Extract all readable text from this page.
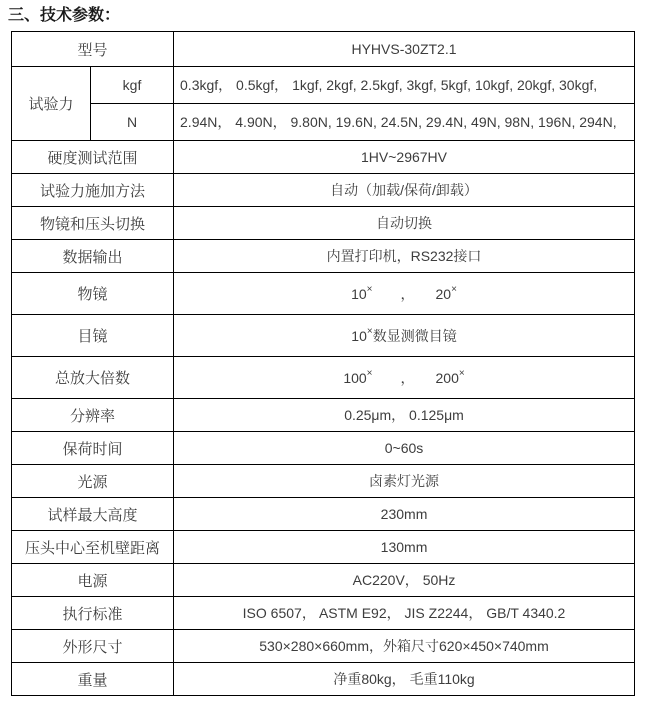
三、技术参数：
型号		HYHVS-30ZT2.1
试验力	kgf	0.3kgf， 0.5kgf， 1kgf, 2kgf, 2.5kgf, 3kgf, 5kgf, 10kgf, 20kgf, 30kgf,
	N	2.94N， 4.90N， 9.80N, 19.6N, 24.5N, 29.4N, 49N, 98N, 196N, 294N,
硬度测试范围		1HV~2967HV
试验力施加方法		自动（加载/保荷/卸载）
物镜和压头切换		自动切换
数据输出		内置打印机，RS232接口
物镜		10×　　，　　20×
目镜		10×数显测微目镜
总放大倍数		100×　　，　　200×
分辨率		0.25μm， 0.125μm
保荷时间		0~60s
光源		卤素灯光源
试样最大高度		230mm
压头中心至机壁距离		130mm
电源		AC220V， 50Hz
执行标准		ISO 6507， ASTM E92， JIS Z2244， GB/T 4340.2
外形尺寸		530×280×660mm，外箱尺寸620×450×740mm
重量		净重80kg， 毛重110kg
